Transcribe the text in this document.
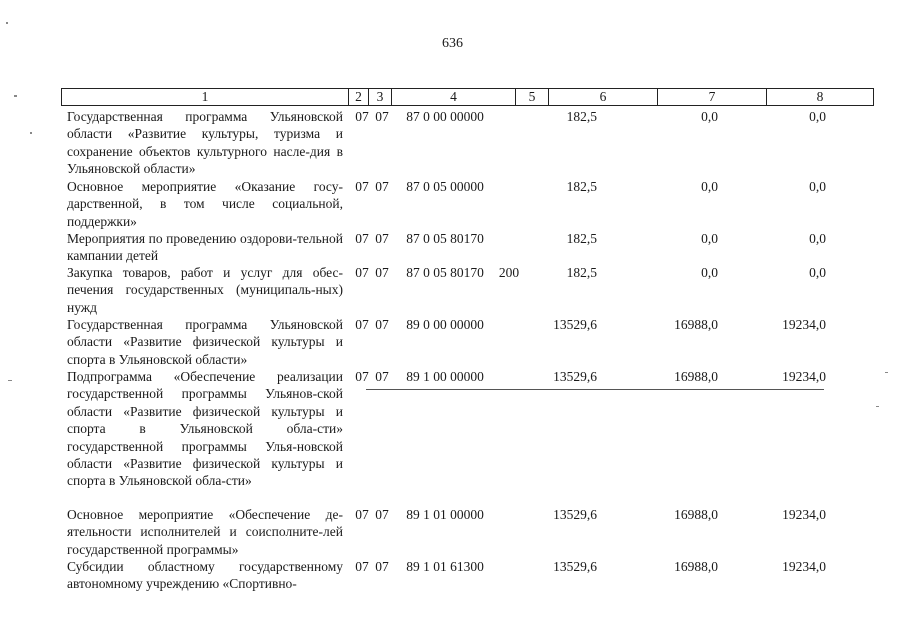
636
1	2	3	4	5	6	7	8
Государственная программа Ульяновской области «Развитие культуры, туризма и сохранение объектов культурного насле-дия в Ульяновской области»
07 07	87 0 00 00000	182,5	0,0	0,0
Основное мероприятие «Оказание госу-дарственной, в том числе социальной, поддержки»
07 07	87 0 05 00000	182,5	0,0	0,0
Мероприятия по проведению оздорови-тельной кампании детей
07 07	87 0 05 80170	182,5	0,0	0,0
Закупка товаров, работ и услуг для обес-печения государственных (муниципаль-ных) нужд
07 07	87 0 05 80170	200	182,5	0,0	0,0
Государственная программа Ульяновской области «Развитие физической культуры и спорта в Ульяновской области»
07 07	89 0 00 00000	13529,6	16988,0	19234,0
Подпрограмма «Обеспечение реализации государственной программы Ульянов-ской области «Развитие физической культуры и спорта в Ульяновской обла-сти» государственной программы Улья-новской области «Развитие физической культуры и спорта в Ульяновской обла-сти»
07 07	89 1 00 00000	13529,6	16988,0	19234,0
Основное мероприятие «Обеспечение де-ятельности исполнителей и соисполните-лей государственной программы»
07 07	89 1 01 00000	13529,6	16988,0	19234,0
Субсидии областному государственному автономному учреждению «Спортивно-
07 07	89 1 01 61300	13529,6	16988,0	19234,0
